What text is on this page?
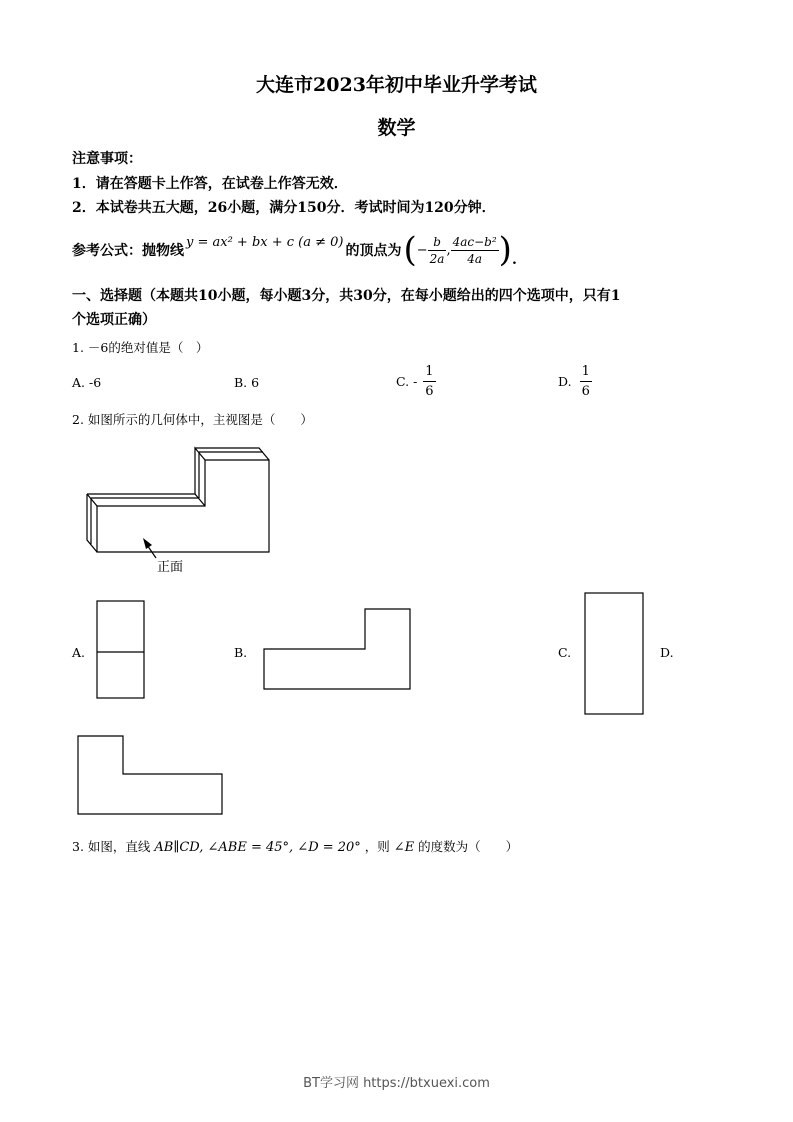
大连市2023年初中毕业升学考试
数学
注意事项：
1．请在答题卡上作答，在试卷上作答无效．
2．本试卷共五大题，26小题，满分150分．考试时间为120分钟．
参考公式：抛物线
y = ax² + bx + c (a ≠ 0)
的顶点为 ( − $\frac{b}{2a}$ , $\frac{\text{4ac−b²}}{4a}$ ) .
一、选择题（本题共10小题，每小题3分，共30分，在每小题给出的四个选项中，只有1
个选项正确）
1. －6的绝对值是（　）
A. -6	B. 6	C. - $\frac{1}{6}$	D. $\frac{1}{6}$
2. 如图所示的几何体中，主视图是（　　）
正面
A.	B.	C.	D.
3. 如图，直线 AB∥CD, ∠ABE = 45°, ∠D = 20° ，则 ∠E 的度数为（　　）
BT学习网 https://btxuexi.com
